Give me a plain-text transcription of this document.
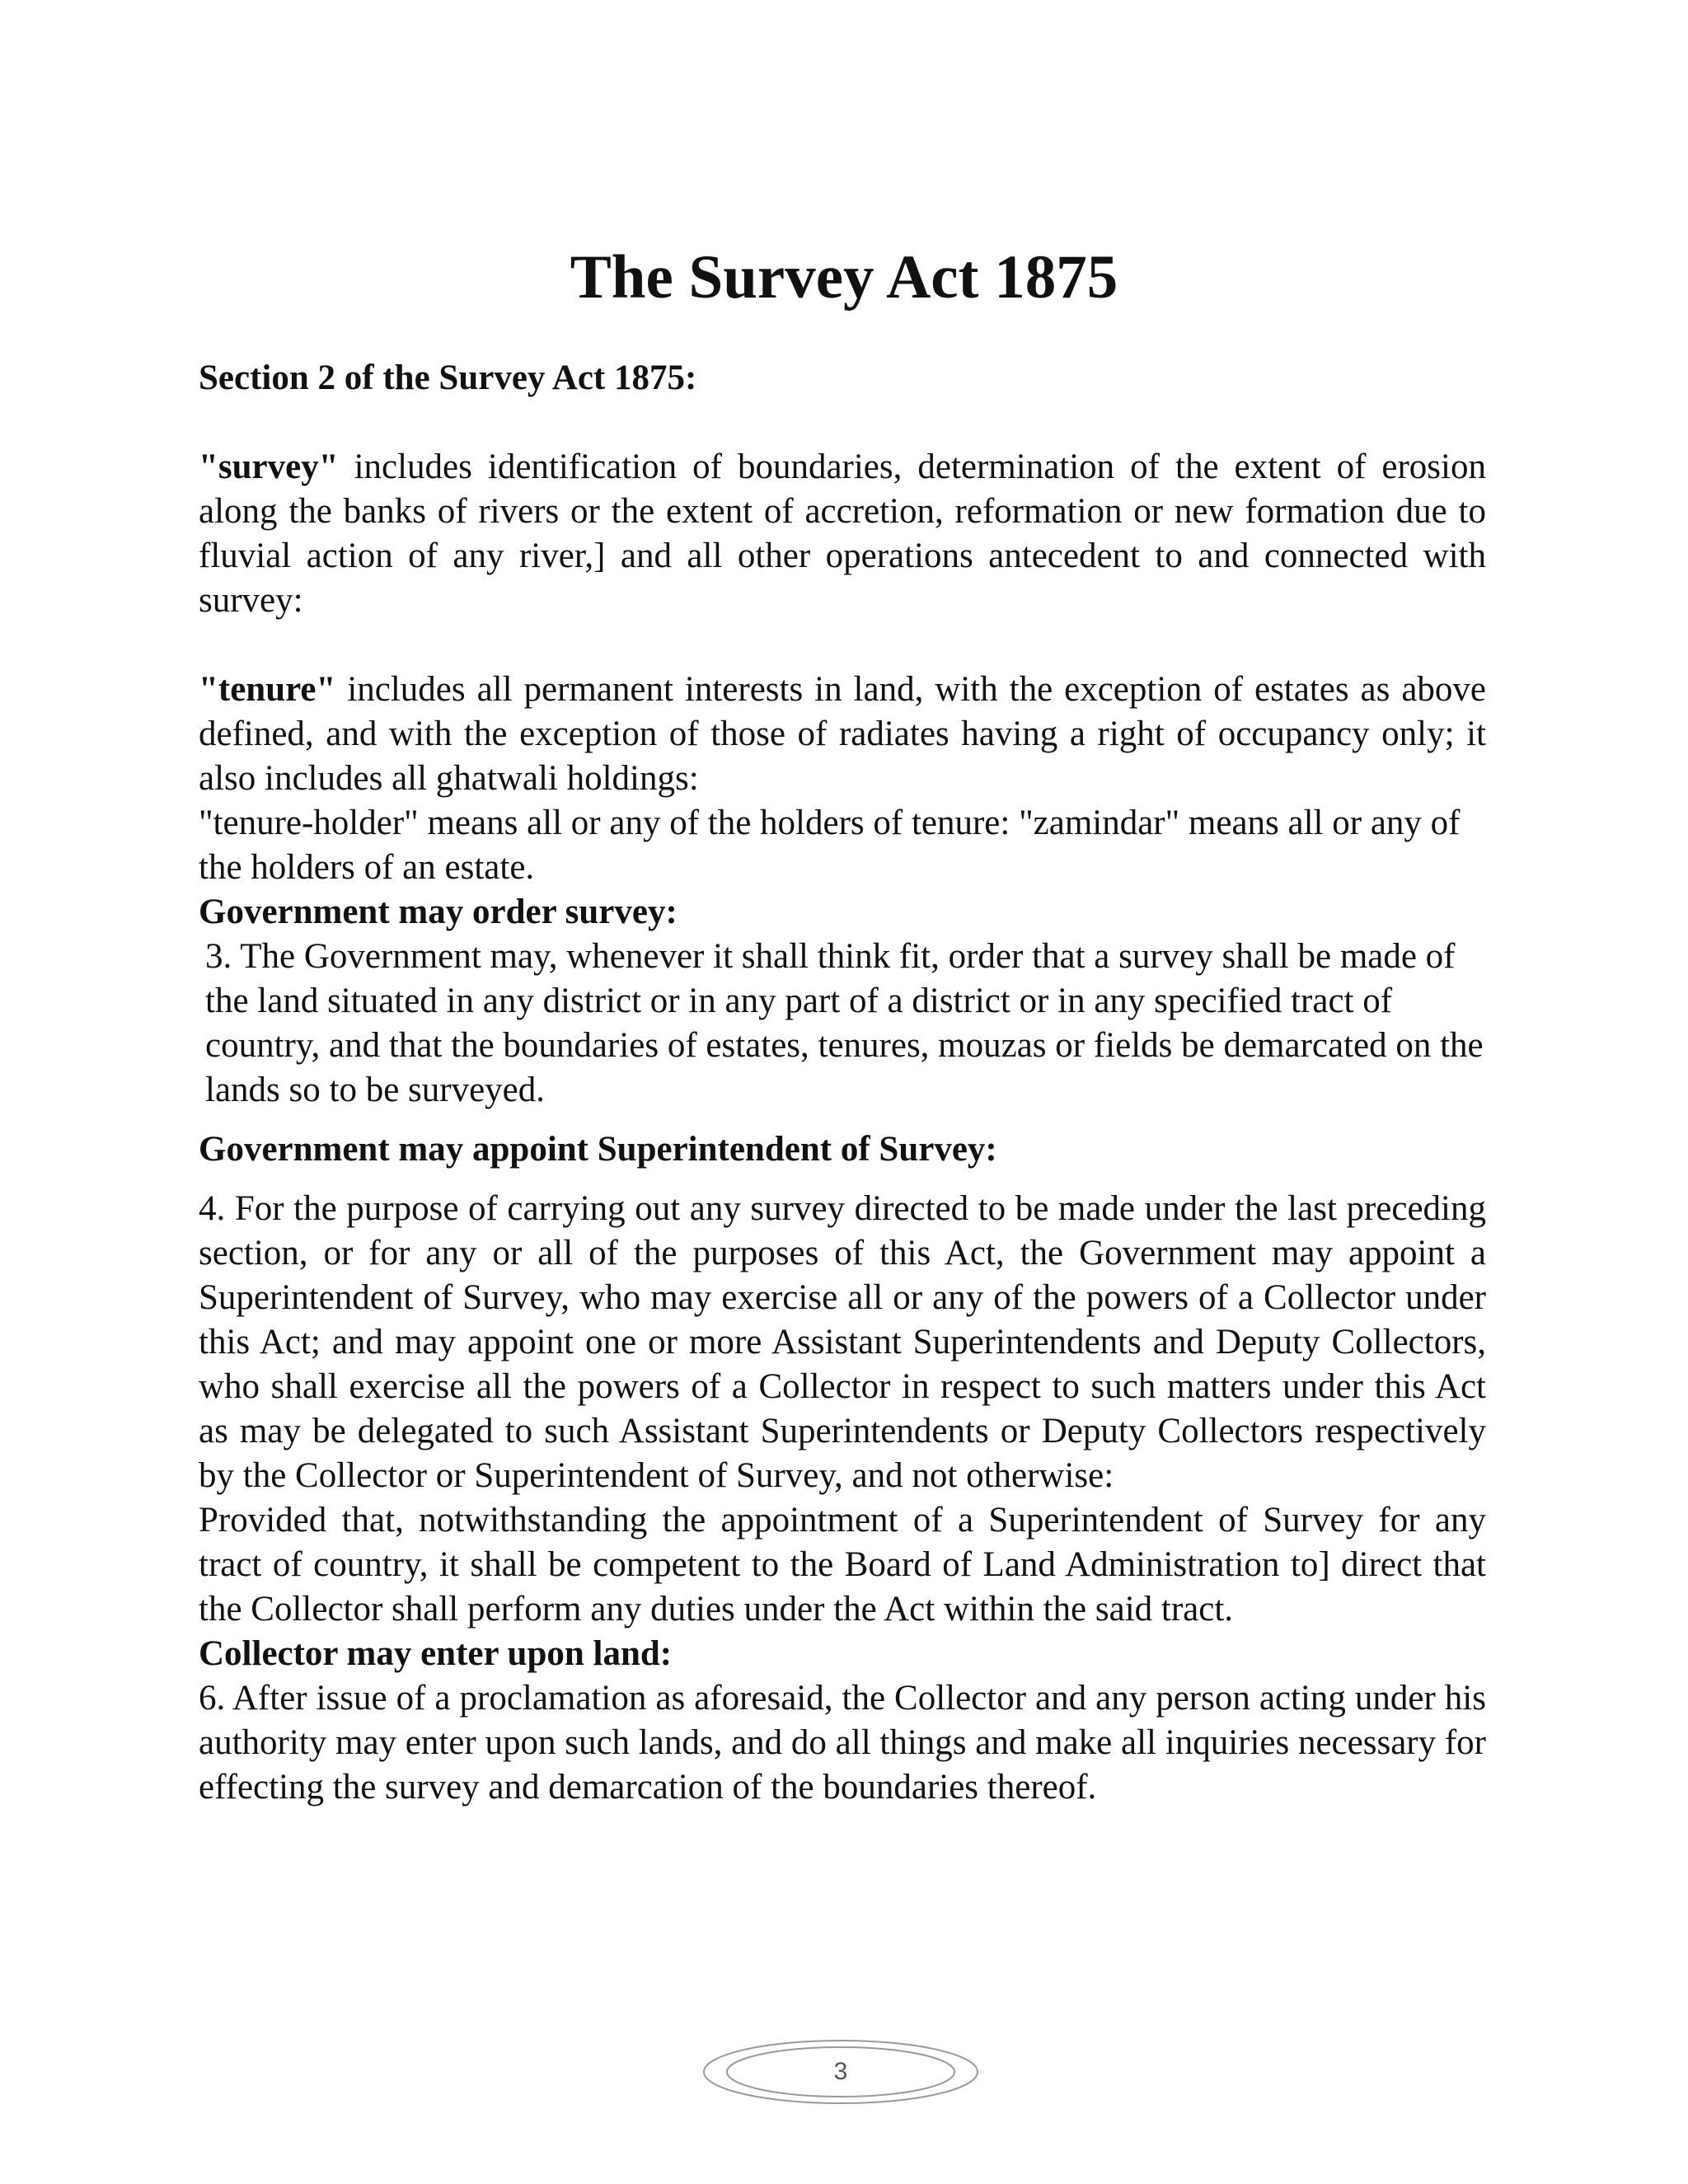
The Survey Act 1875

Section 2 of the Survey Act 1875:

"survey" includes identification of boundaries, determination of the extent of erosion along the banks of rivers or the extent of accretion, reformation or new formation due to fluvial action of any river,] and all other operations antecedent to and connected with survey:

"tenure" includes all permanent interests in land, with the exception of estates as above defined, and with the exception of those of radiates having a right of occupancy only; it also includes all ghatwali holdings:

"tenure-holder" means all or any of the holders of tenure: "zamindar" means all or any of the holders of an estate.

Government may order survey:

3. The Government may, whenever it shall think fit, order that a survey shall be made of the land situated in any district or in any part of a district or in any specified tract of country, and that the boundaries of estates, tenures, mouzas or fields be demarcated on the lands so to be surveyed.

Government may appoint Superintendent of Survey:

4. For the purpose of carrying out any survey directed to be made under the last preceding section, or for any or all of the purposes of this Act, the Government may appoint a Superintendent of Survey, who may exercise all or any of the powers of a Collector under this Act; and may appoint one or more Assistant Superintendents and Deputy Collectors, who shall exercise all the powers of a Collector in respect to such matters under this Act as may be delegated to such Assistant Superintendents or Deputy Collectors respectively by the Collector or Superintendent of Survey, and not otherwise:

Provided that, notwithstanding the appointment of a Superintendent of Survey for any tract of country, it shall be competent to the Board of Land Administration to] direct that the Collector shall perform any duties under the Act within the said tract.

Collector may enter upon land:

6. After issue of a proclamation as aforesaid, the Collector and any person acting under his authority may enter upon such lands, and do all things and make all inquiries necessary for effecting the survey and demarcation of the boundaries thereof.

3
